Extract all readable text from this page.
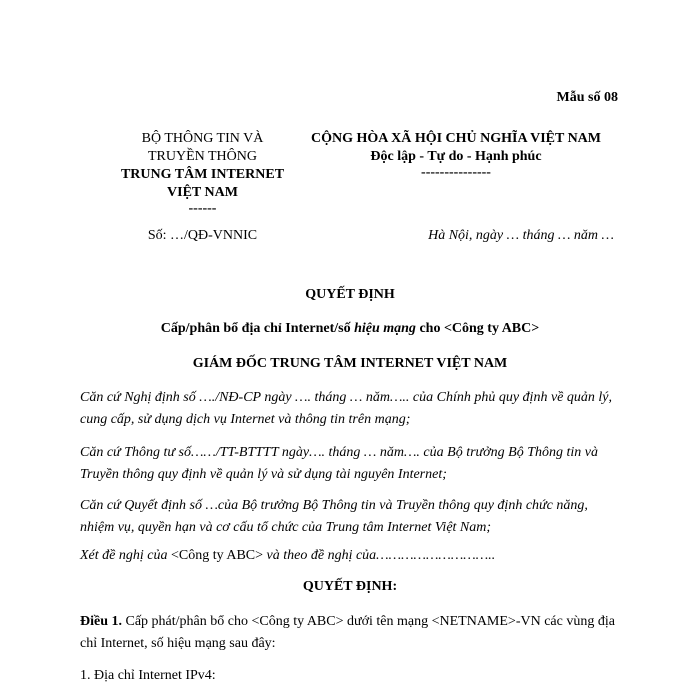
Mẫu số 08
BỘ THÔNG TIN VÀ
TRUYỀN THÔNG
TRUNG TÂM INTERNET
VIỆT NAM
------
Số: …/QĐ-VNNIC
CỘNG HÒA XÃ HỘI CHỦ NGHĨA VIỆT NAM
Độc lập - Tự do - Hạnh phúc
---------------
Hà Nội, ngày … tháng … năm …
QUYẾT ĐỊNH
Cấp/phân bổ địa chỉ Internet/số hiệu mạng cho <Công ty ABC>
GIÁM ĐỐC TRUNG TÂM INTERNET VIỆT NAM
Căn cứ Nghị định số …./NĐ-CP ngày …. tháng … năm….. của Chính phủ quy định về quản lý, cung cấp, sử dụng dịch vụ Internet và thông tin trên mạng;
Căn cứ Thông tư số……/TT-BTTTT ngày…. tháng … năm…. của Bộ trưởng Bộ Thông tin và Truyền thông quy định về quản lý và sử dụng tài nguyên Internet;
Căn cứ Quyết định số …của Bộ trưởng Bộ Thông tin và Truyền thông quy định chức năng, nhiệm vụ, quyền hạn và cơ cấu tổ chức của Trung tâm Internet Việt Nam;
Xét đề nghị của <Công ty ABC> và theo đề nghị của………………………..
QUYẾT ĐỊNH:
Điều 1. Cấp phát/phân bổ cho <Công ty ABC> dưới tên mạng <NETNAME>-VN các vùng địa chỉ Internet, số hiệu mạng sau đây:
1. Địa chỉ Internet IPv4:
